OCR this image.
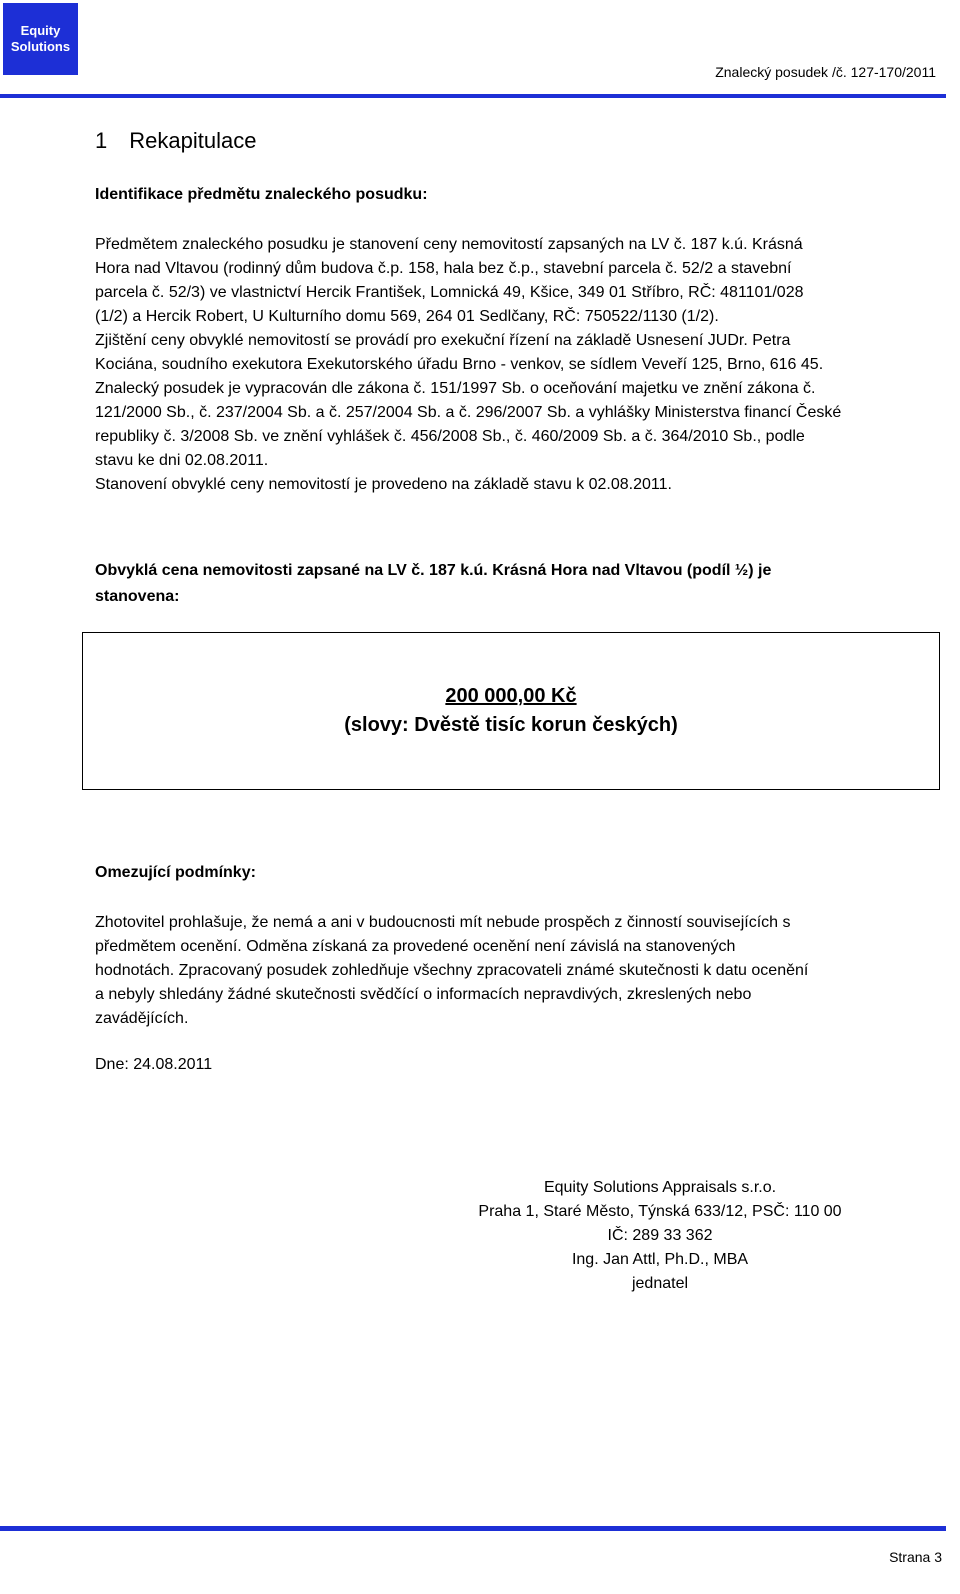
Equity
Solutions
Znalecký posudek /č. 127-170/2011
1 Rekapitulace

Identifikace předmětu znaleckého posudku:

Předmětem znaleckého posudku je stanovení ceny nemovitostí zapsaných na LV č. 187 k.ú. Krásná
Hora nad Vltavou (rodinný dům budova č.p. 158, hala bez č.p., stavební parcela č. 52/2 a stavební
parcela č. 52/3) ve vlastnictví Hercik František, Lomnická 49, Kšice, 349 01 Stříbro, RČ: 481101/028
(1/2) a Hercik Robert, U Kulturního domu 569, 264 01 Sedlčany, RČ: 750522/1130 (1/2).
Zjištění ceny obvyklé nemovitostí se provádí pro exekuční řízení na základě Usnesení JUDr. Petra
Kociána, soudního exekutora Exekutorského úřadu Brno - venkov, se sídlem Veveří 125, Brno, 616 45.
Znalecký posudek je vypracován dle zákona č. 151/1997 Sb. o oceňování majetku ve znění zákona č.
121/2000 Sb., č. 237/2004 Sb. a č. 257/2004 Sb. a č. 296/2007 Sb. a vyhlášky Ministerstva financí České
republiky č. 3/2008 Sb. ve znění vyhlášek č. 456/2008 Sb., č. 460/2009 Sb. a č. 364/2010 Sb., podle
stavu ke dni 02.08.2011.
Stanovení obvyklé ceny nemovitostí je provedeno na základě stavu k 02.08.2011.
Obvyklá cena nemovitosti zapsané na LV č. 187 k.ú. Krásná Hora nad Vltavou (podíl ½) je
stanovena:

Omezující podmínky:

Zhotovitel prohlašuje, že nemá a ani v budoucnosti mít nebude prospěch z činností souvisejících s
předmětem ocenění. Odměna získaná za provedené ocenění není závislá na stanovených
hodnotách. Zpracovaný posudek zohledňuje všechny zpracovateli známé skutečnosti k datu ocenění
a nebyly shledány žádné skutečnosti svědčící o informacích nepravdivých, zkreslených nebo
zavádějících.

Dne: 24.08.2011

200 000,00 Kč
(slovy: Dvěstě tisíc korun českých)
Equity Solutions Appraisals s.r.o.
Praha 1, Staré Město, Týnská 633/12, PSČ: 110 00
IČ: 289 33 362
Ing. Jan Attl, Ph.D., MBA
jednatel
Strana 3
